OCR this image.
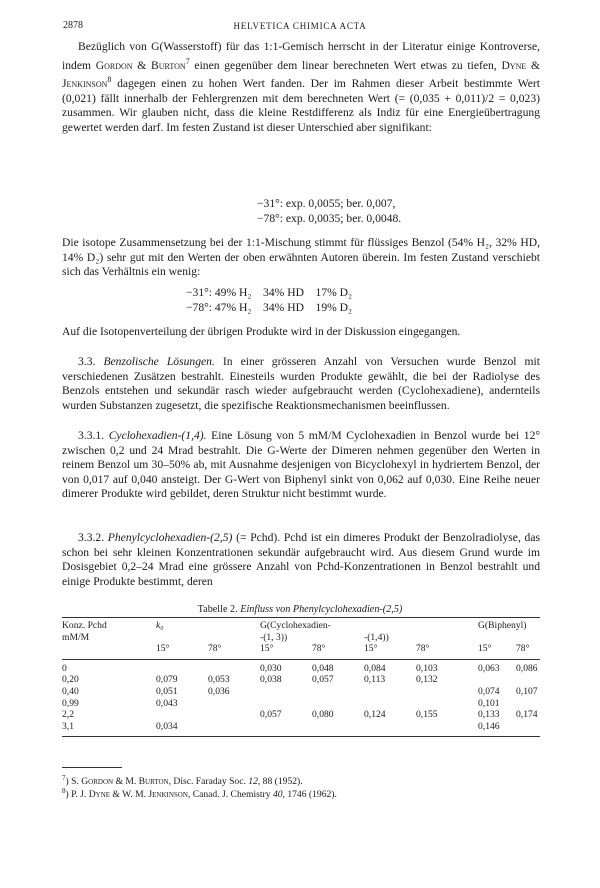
2878	HELVETICA CHIMICA ACTA
Bezüglich von G(Wasserstoff) für das 1:1-Gemisch herrscht in der Literatur einige Kontroverse, indem Gordon & Burton$^7$ einen gegenüber dem linear berechneten Wert etwas zu tiefen, Dyne & Jenkinson$^8$ dagegen einen zu hohen Wert fanden. Der im Rahmen dieser Arbeit bestimmte Wert (0,021) fällt innerhalb der Fehlergrenzen mit dem berechneten Wert (= (0,035 + 0,011)/2 = 0,023) zusammen. Wir glauben nicht, dass die kleine Restdifferenz als Indiz für eine Energieübertragung gewertet werden darf. Im festen Zustand ist dieser Unterschied aber signifikant:
−31°: exp. 0,0055; ber. 0,007,
−78°: exp. 0,0035; ber. 0,0048.
Die isotope Zusammensetzung bei der 1:1-Mischung stimmt für flüssiges Benzol (54% H₂, 32% HD, 14% D₂) sehr gut mit den Werten der oben erwähnten Autoren überein. Im festen Zustand verschiebt sich das Verhältnis ein wenig:
−31°: 49% H₂    34% HD    17% D₂
−78°: 47% H₂    34% HD    19% D₂
Auf die Isotopenverteilung der übrigen Produkte wird in der Diskussion eingegangen.
3.3. Benzolische Lösungen. In einer grösseren Anzahl von Versuchen wurde Benzol mit verschiedenen Zusätzen bestrahlt. Einesteils wurden Produkte gewählt, die bei der Radiolyse des Benzols entstehen und sekundär rasch wieder aufgebraucht werden (Cyclohexadiene), andernteils wurden Substanzen zugesetzt, die spezifische Reaktionsmechanismen beeinflussen.
3.3.1. Cyclohexadien-(1,4). Eine Lösung von 5 mM/M Cyclohexadien in Benzol wurde bei 12° zwischen 0,2 und 24 Mrad bestrahlt. Die G-Werte der Dimeren nehmen gegenüber den Werten in reinem Benzol um 30–50% ab, mit Ausnahme desjenigen von Bicyclohexyl in hydriertem Benzol, der von 0,017 auf 0,040 ansteigt. Der G-Wert von Biphenyl sinkt von 0,062 auf 0,030. Eine Reihe neuer dimerer Produkte wird gebildet, deren Struktur nicht bestimmt wurde.
3.3.2. Phenylcyclohexadien-(2,5) (= Pchd). Pchd ist ein dimeres Produkt der Benzolradiolyse, das schon bei sehr kleinen Konzentrationen sekundär aufgebraucht wird. Aus diesem Grund wurde im Dosisgebiet 0,2–24 Mrad eine grössere Anzahl von Pchd-Konzentrationen in Benzol bestrahlt und einige Produkte bestimmt, deren
Tabelle 2. Einfluss von Phenylcyclohexadien-(2,5)
Konz. Pchd	k₀		G(Cyclohexadien-				G(Biphenyl)	
mM/M			-(1, 3))		-(1,4))			
	15°	78°	15°	78°	15°	78°	15°	78°

0			0,030	0,048	0,084	0,103	0,063	0,086
0,20	0,079	0,053	0,038	0,057	0,113	0,132		
0,40	0,051	0,036					0,074	0,107
0,99	0,043						0,101	
2,2			0,057	0,080	0,124	0,155	0,133	0,174
3,1	0,034						0,146	

$^7$) S. Gordon & M. Burton, Disc. Faraday Soc. 12, 88 (1952).
$^8$) P. J. Dyne & W. M. Jenkinson, Canad. J. Chemistry 40, 1746 (1962).
